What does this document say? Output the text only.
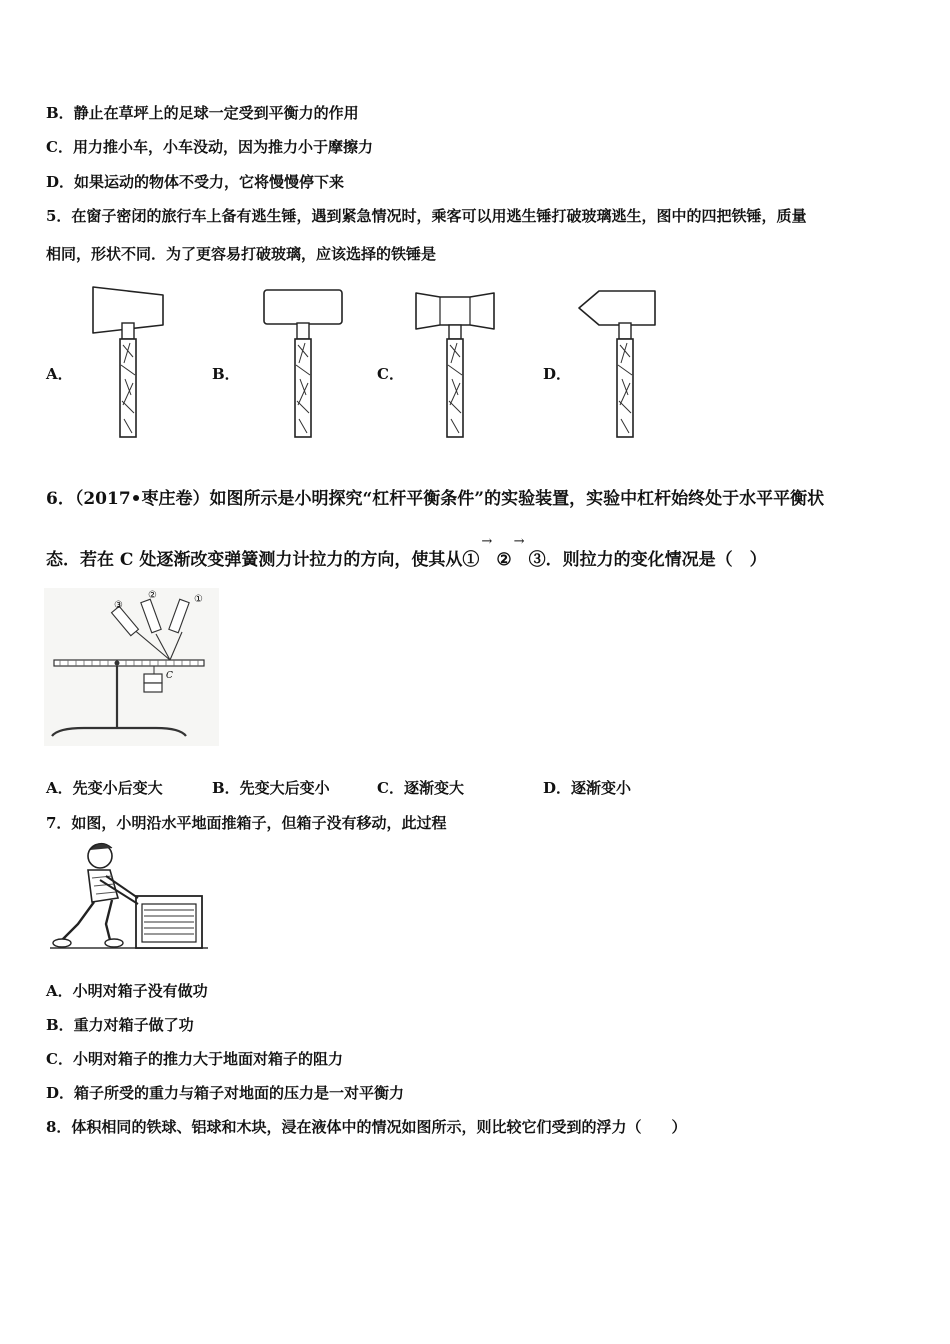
B．静止在草坪上的足球一定受到平衡力的作用
C．用力推小车，小车没动，因为推力小于摩擦力
D．如果运动的物体不受力，它将慢慢停下来
5．在窗子密闭的旅行车上备有逃生锤，遇到紧急情况时，乘客可以用逃生锤打破玻璃逃生，图中的四把铁锤，质量
相同，形状不同．为了更容易打破玻璃，应该选择的铁锤是
A．	B．	C．	D．
6．（2017•枣庄卷）如图所示是小明探究“杠杆平衡条件”的实验装置，实验中杠杆始终处于水平平衡状
态．若在 C 处逐渐改变弹簧测力计拉力的方向，使其从①
→
 ②
→
 ③．则拉力的变化情况是（　）
③
②	①
C
A．先变小后变大	B．先变大后变小	C．逐渐变大	D．逐渐变小
7．如图，小明沿水平地面推箱子，但箱子没有移动，此过程
A．小明对箱子没有做功
B．重力对箱子做了功
C．小明对箱子的推力大于地面对箱子的阻力
D．箱子所受的重力与箱子对地面的压力是一对平衡力
8．体积相同的铁球、铝球和木块，浸在液体中的情况如图所示，则比较它们受到的浮力（　　）
